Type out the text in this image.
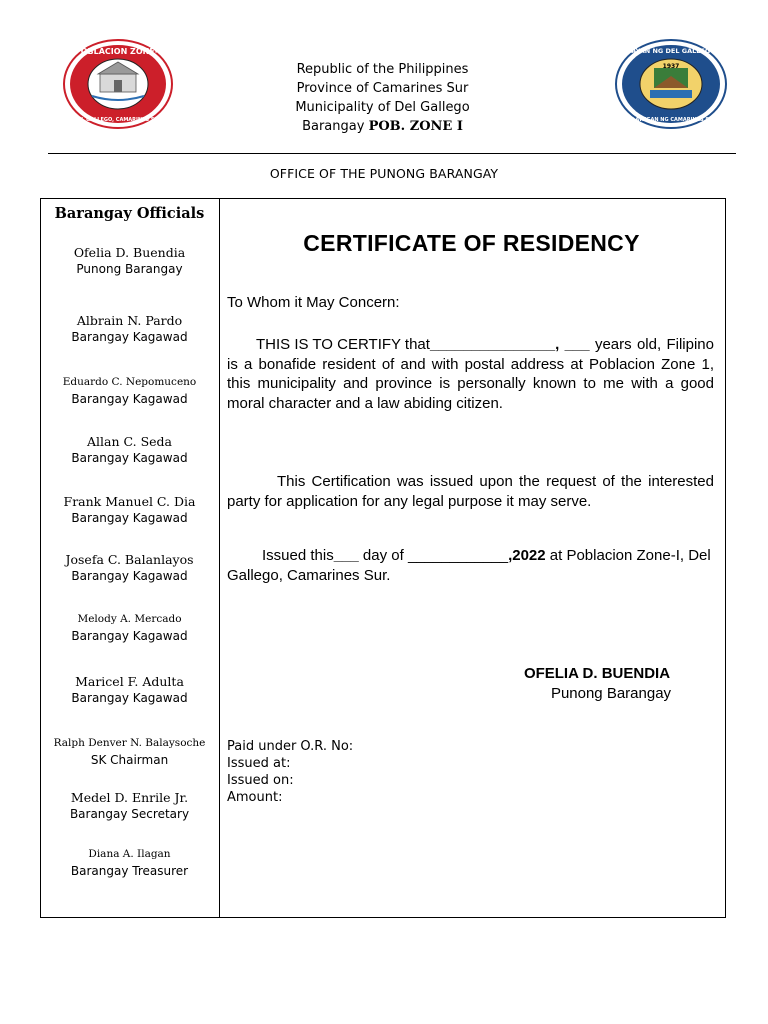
POBLACION ZONE-I
DEL GALLEGO, CAMARINES SUR
1937
BAYAN NG DEL GALLEGO
LALAWIGAN NG CAMARINES SUR
Republic of the Philippines
Province of Camarines Sur
Municipality of Del Gallego
Barangay POB. ZONE I
OFFICE OF THE PUNONG BARANGAY
Barangay Officials
Ofelia D. Buendia
Punong Barangay
Albrain N. Pardo
Barangay Kagawad
Eduardo C. Nepomuceno
Barangay Kagawad
Allan C. Seda
Barangay Kagawad
Frank Manuel C. Dia
Barangay Kagawad
Josefa C. Balanlayos
Barangay Kagawad
Melody A. Mercado
Barangay Kagawad
Maricel F. Adulta
Barangay Kagawad
Ralph Denver N. Balaysoche
SK Chairman
Medel D. Enrile Jr.
Barangay Secretary
Diana A. Ilagan
Barangay Treasurer
CERTIFICATE OF RESIDENCY
To Whom it May Concern:
THIS IS TO CERTIFY that_______________, ___ years old, Filipino is a bonafide resident of and with postal address at Poblacion Zone 1, this municipality and province is personally known to me with a good moral character and a law abiding citizen.
This Certification was issued upon the request of the interested party for application for any legal purpose it may serve.
Issued this___ day of ____________,2022 at Poblacion Zone-I, Del Gallego, Camarines Sur.
OFELIA D. BUENDIA
Punong Barangay
Paid under O.R. No:
Issued at:
Issued on:
Amount:
